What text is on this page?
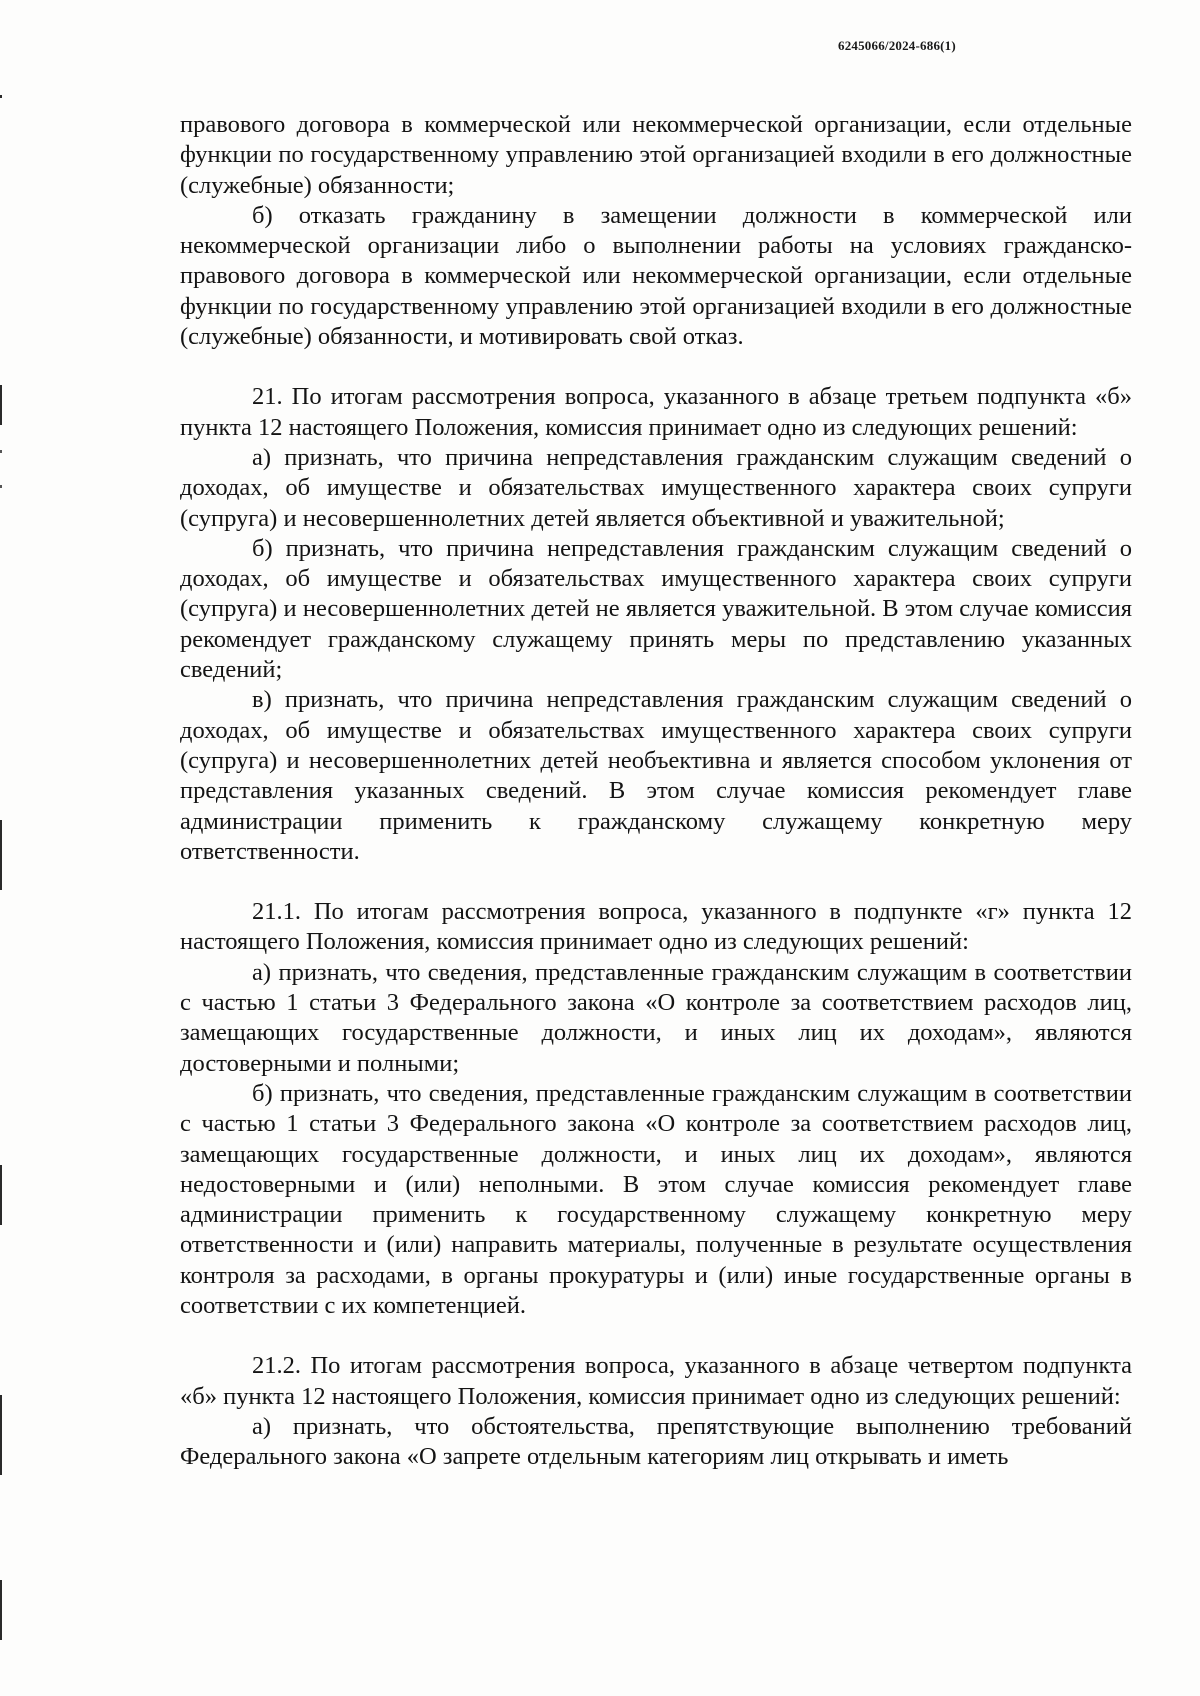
6245066/2024-686(1)

правового договора в коммерческой или некоммерческой организации, если отдельные функции по государственному управлению этой организацией входили в его должностные (служебные) обязанности;

б) отказать гражданину в замещении должности в коммерческой или некоммерческой организации либо о выполнении работы на условиях гражданско-правового договора в коммерческой или некоммерческой организации, если отдельные функции по государственному управлению этой организацией входили в его должностные (служебные) обязанности, и мотивировать свой отказ.

21. По итогам рассмотрения вопроса, указанного в абзаце третьем подпункта «б» пункта 12 настоящего Положения, комиссия принимает одно из следующих решений:

а) признать, что причина непредставления гражданским служащим сведений о доходах, об имуществе и обязательствах имущественного характера своих супруги (супруга) и несовершеннолетних детей является объективной и уважительной;

б) признать, что причина непредставления гражданским служащим сведений о доходах, об имуществе и обязательствах имущественного характера своих супруги (супруга) и несовершеннолетних детей не является уважительной. В этом случае комиссия рекомендует гражданскому служащему принять меры по представлению указанных сведений;

в) признать, что причина непредставления гражданским служащим сведений о доходах, об имуществе и обязательствах имущественного характера своих супруги (супруга) и несовершеннолетних детей необъективна и является способом уклонения от представления указанных сведений. В этом случае комиссия рекомендует главе администрации применить к гражданскому служащему конкретную меру ответственности.

21.1. По итогам рассмотрения вопроса, указанного в подпункте «г» пункта 12 настоящего Положения, комиссия принимает одно из следующих решений:

а) признать, что сведения, представленные гражданским служащим в соответствии с частью 1 статьи 3 Федерального закона «О контроле за соответствием расходов лиц, замещающих государственные должности, и иных лиц их доходам», являются достоверными и полными;

б) признать, что сведения, представленные гражданским служащим в соответствии с частью 1 статьи 3 Федерального закона «О контроле за соответствием расходов лиц, замещающих государственные должности, и иных лиц их доходам», являются недостоверными и (или) неполными. В этом случае комиссия рекомендует главе администрации применить к государственному служащему конкретную меру ответственности и (или) направить материалы, полученные в результате осуществления контроля за расходами, в органы прокуратуры и (или) иные государственные органы в соответствии с их компетенцией.

21.2. По итогам рассмотрения вопроса, указанного в абзаце четвертом подпункта «б» пункта 12 настоящего Положения, комиссия принимает одно из следующих решений:

а) признать, что обстоятельства, препятствующие выполнению требований Федерального закона «О запрете отдельным категориям лиц открывать и иметь
